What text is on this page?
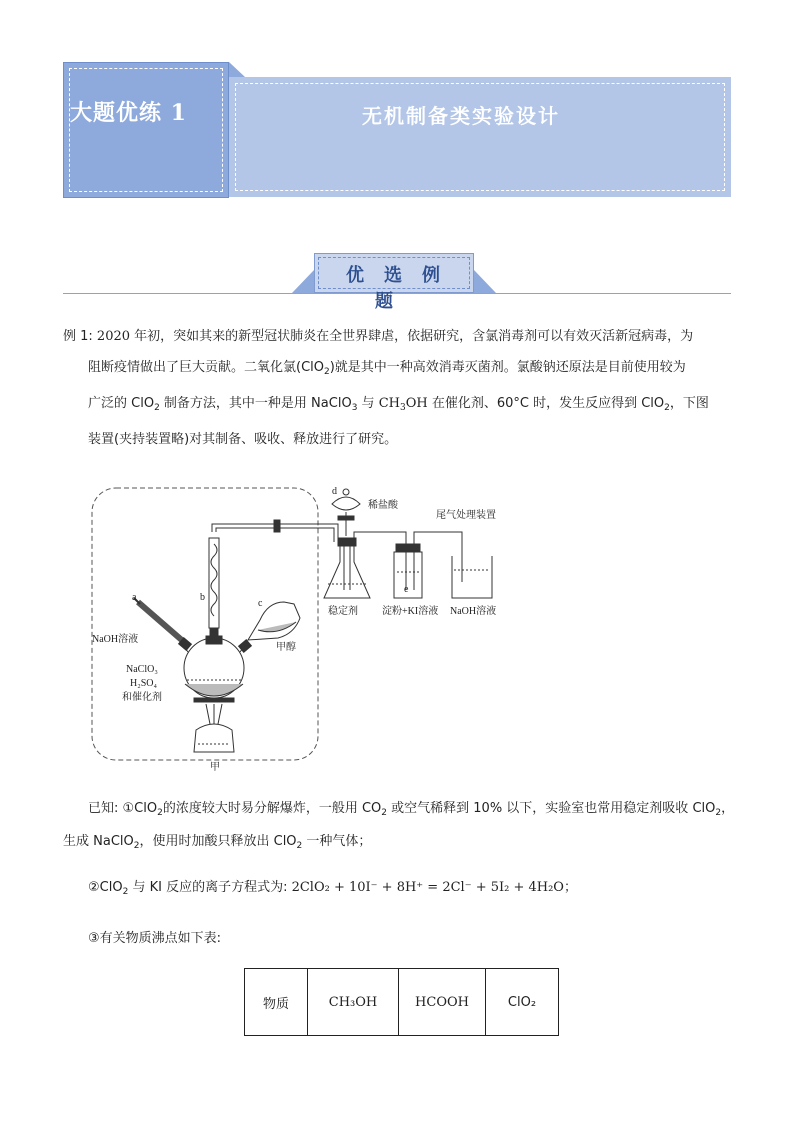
大题优练 1	无机制备类实验设计
优选例题
例 1: 2020 年初，突如其来的新型冠状肺炎在全世界肆虐，依据研究，含氯消毒剂可以有效灭活新冠病毒，为
阻断疫情做出了巨大贡献。二氧化氯(ClO$_2$)就是其中一种高效消毒灭菌剂。氯酸钠还原法是目前使用较为
广泛的 ClO$_2$ 制备方法，其中一种是用 NaClO$_3$ 与 $CH_3OH$ 在催化剂、60°C 时，发生反应得到 ClO$_2$，下图
装置(夹持装置略)对其制备、吸收、释放进行了研究。
a	b
c
d
e
NaOH溶液
甲醇
NaClO₃
H₂SO₄
和催化剂
甲
稀盐酸
尾气处理装置
稳定剂 淀粉+KI溶液 NaOH溶液
已知: ①ClO$_2$的浓度较大时易分解爆炸，一般用 $CO_2$ 或空气稀释到 10% 以下，实验室也常用稳定剂吸收 ClO$_2$，
生成 NaClO$_2$，使用时加酸只释放出 ClO$_2$ 一种气体；
②ClO$_2$ 与 KI 反应的离子方程式为: 2ClO₂ + 10I⁻ + 8H⁺ = 2Cl⁻ + 5I₂ + 4H₂O；
③有关物质沸点如下表:
物质	CH₃OH	HCOOH	ClO₂
